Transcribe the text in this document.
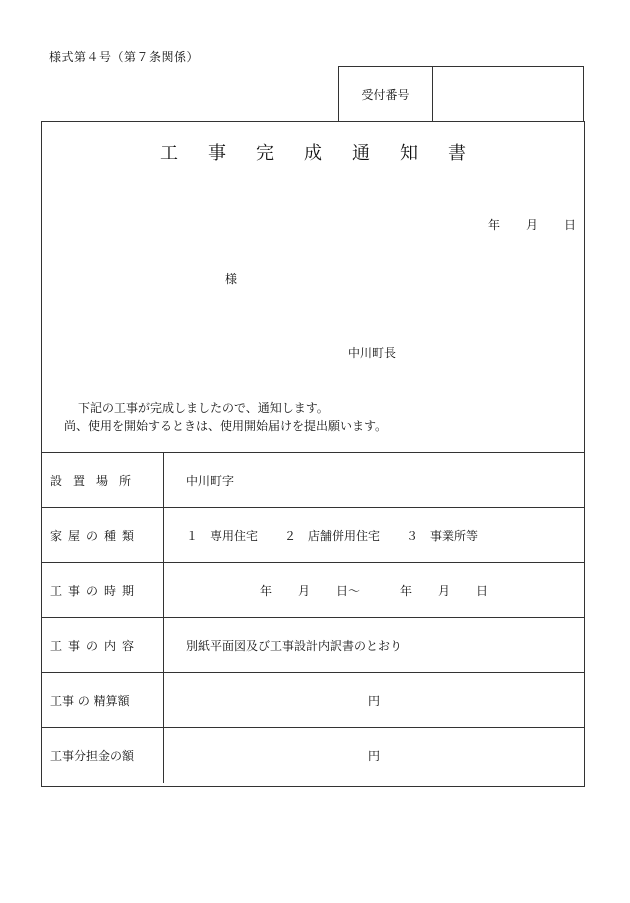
様式第４号（第７条関係）
受付番号
工事完成通知書
年 月 日
様
中川町長
下記の工事が完成しましたので、通知します。
尚、使用を開始するときは、使用開始届けを提出願います。
設置場所	中川町字
家屋の種類	１　専用住宅 ２　店舗併用住宅 ３　事業所等
工事の時期	年 月 日〜	年 月 日
工事の内容	別紙平面図及び工事設計内訳書のとおり
工事 の 精算額	円
工事分担金の額	円
